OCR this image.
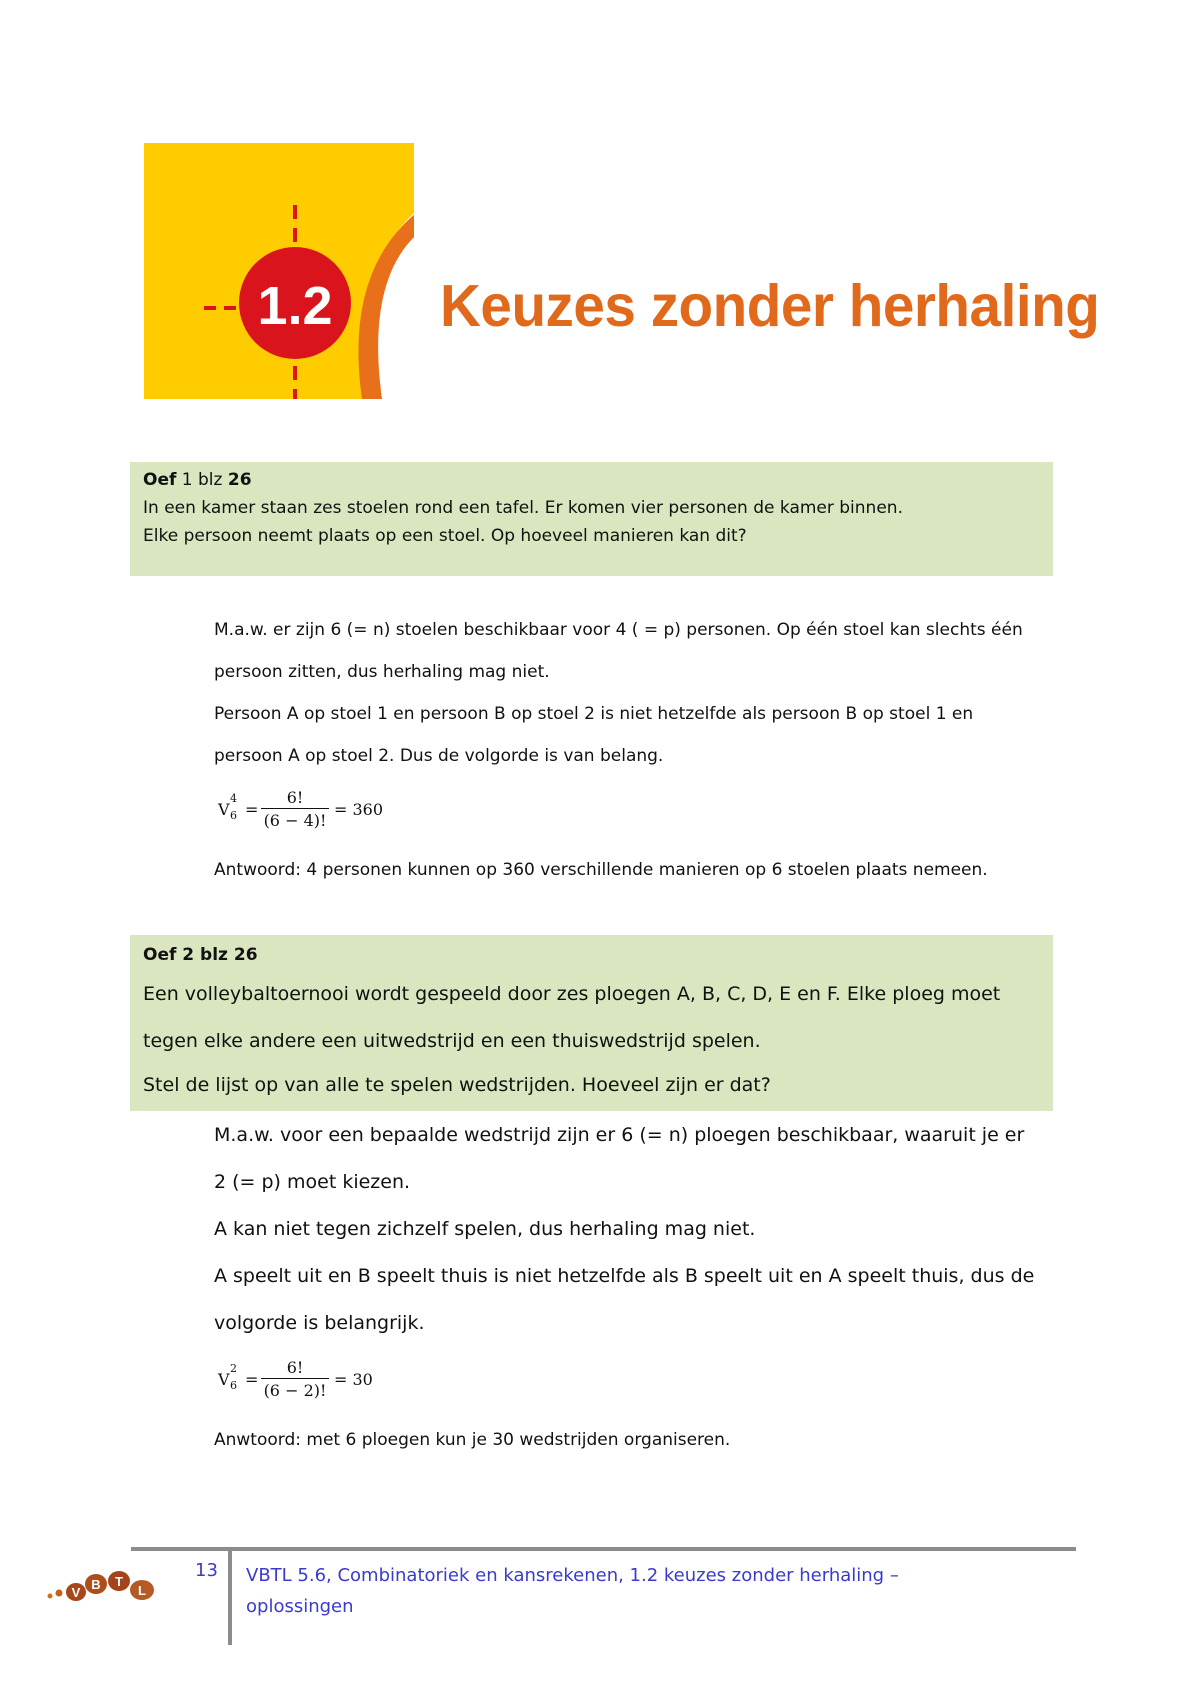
1.2 Keuzes zonder herhaling
Oef 1 blz 26
In een kamer staan zes stoelen rond een tafel. Er komen vier personen de kamer binnen.
Elke persoon neemt plaats op een stoel. Op hoeveel manieren kan dit?
M.a.w. er zijn 6 (= n) stoelen beschikbaar voor 4 ( = p) personen. Op één stoel kan slechts één
persoon zitten, dus herhaling mag niet.
Persoon A op stoel 1 en persoon B op stoel 2 is niet hetzelfde als persoon B op stoel 1 en
persoon A op stoel 2. Dus de volgorde is van belang.
V
4
$6 = \frac{6!}{(6 - 4)!} = 360$
Antwoord: 4 personen kunnen op 360 verschillende manieren op 6 stoelen plaats nemeen.
Oef 2 blz 26
Een volleybaltoernooi wordt gespeeld door zes ploegen A, B, C, D, E en F. Elke ploeg moet
tegen elke andere een uitwedstrijd en een thuiswedstrijd spelen.
Stel de lijst op van alle te spelen wedstrijden. Hoeveel zijn er dat?
M.a.w. voor een bepaalde wedstrijd zijn er 6 (= n) ploegen beschikbaar, waaruit je er
2 (= p) moet kiezen.
A kan niet tegen zichzelf spelen, dus herhaling mag niet.
A speelt uit en B speelt thuis is niet hetzelfde als B speelt uit en A speelt thuis, dus de
volgorde is belangrijk.
V
2
$6 = \frac{6!}{(6 - 2)!} = 30$
Anwtoord: met 6 ploegen kun je 30 wedstrijden organiseren.
V
B T
L
13 VBTL 5.6, Combinatoriek en kansrekenen, 1.2 keuzes zonder herhaling –
oplossingen
